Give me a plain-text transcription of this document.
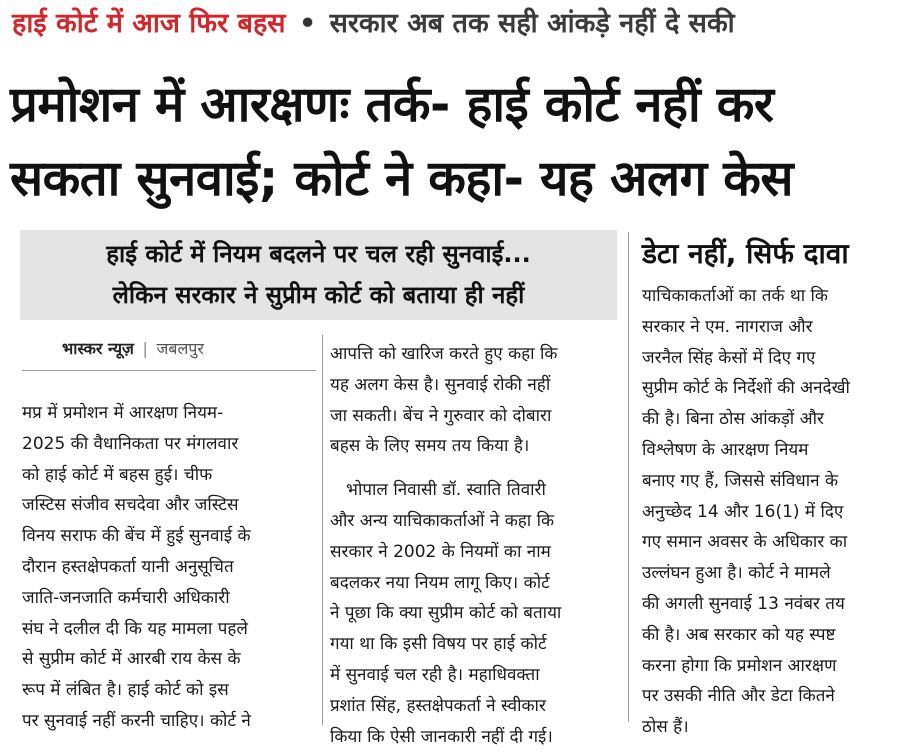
हाई कोर्ट में आज फिर बहस • सरकार अब तक सही आंकड़े नहीं दे सकी
प्रमोशन में आरक्षणः तर्क- हाई कोर्ट नहीं कर
सकता सुनवाई; कोर्ट ने कहा- यह अलग केस
हाई कोर्ट में नियम बदलने पर चल रही सुनवाई...
लेकिन सरकार ने सुप्रीम कोर्ट को बताया ही नहीं
भास्कर न्यूज़ | जबलपुर
मप्र में प्रमोशन में आरक्षण नियम-
2025 की वैधानिकता पर मंगलवार
को हाई कोर्ट में बहस हुई। चीफ
जस्टिस संजीव सचदेवा और जस्टिस
विनय सराफ की बेंच में हुई सुनवाई के
दौरान हस्तक्षेपकर्ता यानी अनुसूचित
जाति-जनजाति कर्मचारी अधिकारी
संघ ने दलील दी कि यह मामला पहले
से सुप्रीम कोर्ट में आरबी राय केस के
रूप में लंबित है। हाई कोर्ट को इस
पर सुनवाई नहीं करनी चाहिए। कोर्ट ने
आपत्ति को खारिज करते हुए कहा कि
यह अलग केस है। सुनवाई रोकी नहीं
जा सकती। बेंच ने गुरुवार को दोबारा
बहस के लिए समय तय किया है।
भोपाल निवासी डॉ. स्वाति तिवारी
और अन्य याचिकाकर्ताओं ने कहा कि
सरकार ने 2002 के नियमों का नाम
बदलकर नया नियम लागू किए। कोर्ट
ने पूछा कि क्या सुप्रीम कोर्ट को बताया
गया था कि इसी विषय पर हाई कोर्ट
में सुनवाई चल रही है। महाधिवक्ता
प्रशांत सिंह, हस्तक्षेपकर्ता ने स्वीकार
किया कि ऐसी जानकारी नहीं दी गई।
डेटा नहीं, सिर्फ दावा
याचिकाकर्ताओं का तर्क था कि
सरकार ने एम. नागराज और
जरनैल सिंह केसों में दिए गए
सुप्रीम कोर्ट के निर्देशों की अनदेखी
की है। बिना ठोस आंकड़ों और
विश्लेषण के आरक्षण नियम
बनाए गए हैं, जिससे संविधान के
अनुच्छेद 14 और 16(1) में दिए
गए समान अवसर के अधिकार का
उल्लंघन हुआ है। कोर्ट ने मामले
की अगली सुनवाई 13 नवंबर तय
की है। अब सरकार को यह स्पष्ट
करना होगा कि प्रमोशन आरक्षण
पर उसकी नीति और डेटा कितने
ठोस हैं।
